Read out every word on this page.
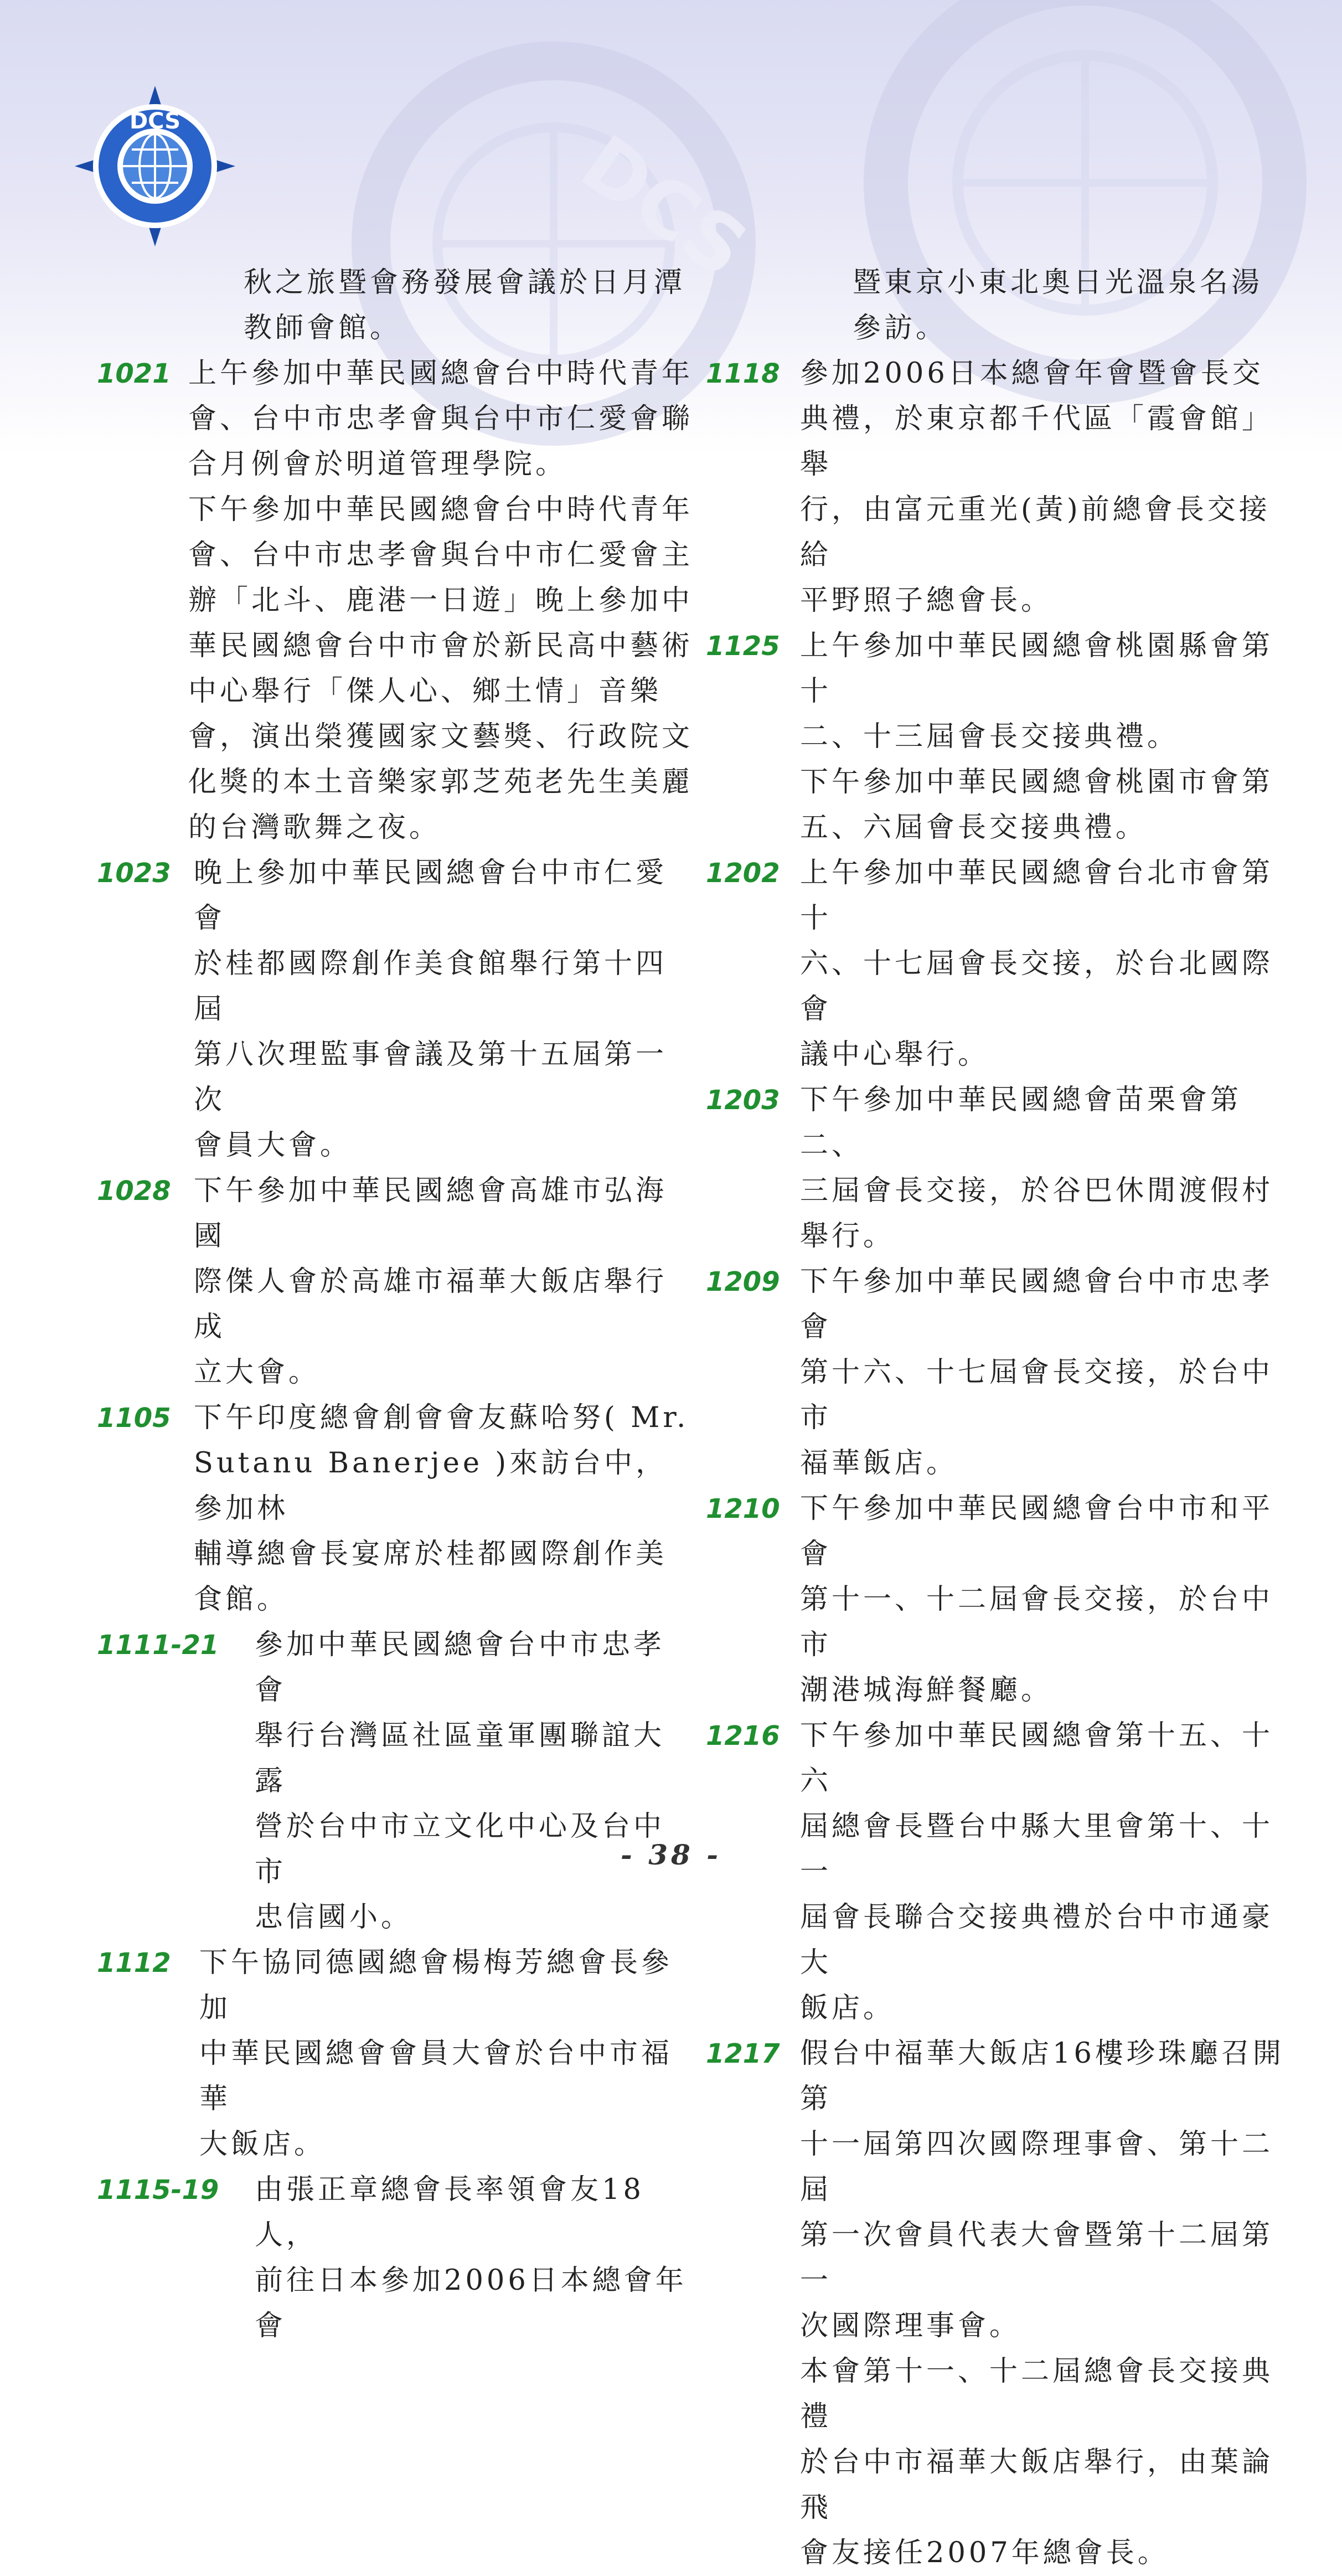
DCS
DCS
秋之旅暨會務發展會議於日月潭
教師會館。
1021 上午參加中華民國總會台中時代青年
會、台中市忠孝會與台中市仁愛會聯
合月例會於明道管理學院。
下午參加中華民國總會台中時代青年
會、台中市忠孝會與台中市仁愛會主
辦「北斗、鹿港一日遊」晚上參加中
華民國總會台中市會於新民高中藝術
中心舉行「傑人心、鄉土情」音樂
會，演出榮獲國家文藝獎、行政院文
化獎的本土音樂家郭芝苑老先生美麗
的台灣歌舞之夜。
1023 晚上參加中華民國總會台中市仁愛會
於桂都國際創作美食館舉行第十四屆
第八次理監事會議及第十五屆第一次
會員大會。
1028 下午參加中華民國總會高雄市弘海國
際傑人會於高雄市福華大飯店舉行成
立大會。
1105 下午印度總會創會會友蘇哈努( Mr.
Sutanu Banerjee )來訪台中，參加林
輔導總會長宴席於桂都國際創作美
食館。
1111-21	參加中華民國總會台中市忠孝會
舉行台灣區社區童軍團聯誼大露
營於台中市立文化中心及台中市
忠信國小。
1112	下午協同德國總會楊梅芳總會長參加
中華民國總會會員大會於台中市福華
大飯店。
1115-19	由張正章總會長率領會友18人，
前往日本參加2006日本總會年會
暨東京小東北奧日光溫泉名湯
參訪。
1118 參加2006日本總會年會暨會長交
典禮，於東京都千代區「霞會館」舉
行，由富元重光(黃)前總會長交接給
平野照子總會長。
1125 上午參加中華民國總會桃園縣會第十
二、十三屆會長交接典禮。
下午參加中華民國總會桃園市會第
五、六屆會長交接典禮。
1202 上午參加中華民國總會台北市會第十
六、十七屆會長交接，於台北國際會
議中心舉行。
1203 下午參加中華民國總會苗栗會第二、
三屆會長交接，於谷巴休閒渡假村
舉行。
1209 下午參加中華民國總會台中市忠孝會
第十六、十七屆會長交接，於台中市
福華飯店。
1210 下午參加中華民國總會台中市和平會
第十一、十二屆會長交接，於台中市
潮港城海鮮餐廳。
1216 下午參加中華民國總會第十五、十六
屆總會長暨台中縣大里會第十、十一
屆會長聯合交接典禮於台中市通豪大
飯店。
1217 假台中福華大飯店16樓珍珠廳召開第
十一屆第四次國際理事會、第十二屆
第一次會員代表大會暨第十二屆第一
次國際理事會。
本會第十一、十二屆總會長交接典禮
於台中市福華大飯店舉行，由葉論飛
會友接任2007年總會長。
- 38 -
